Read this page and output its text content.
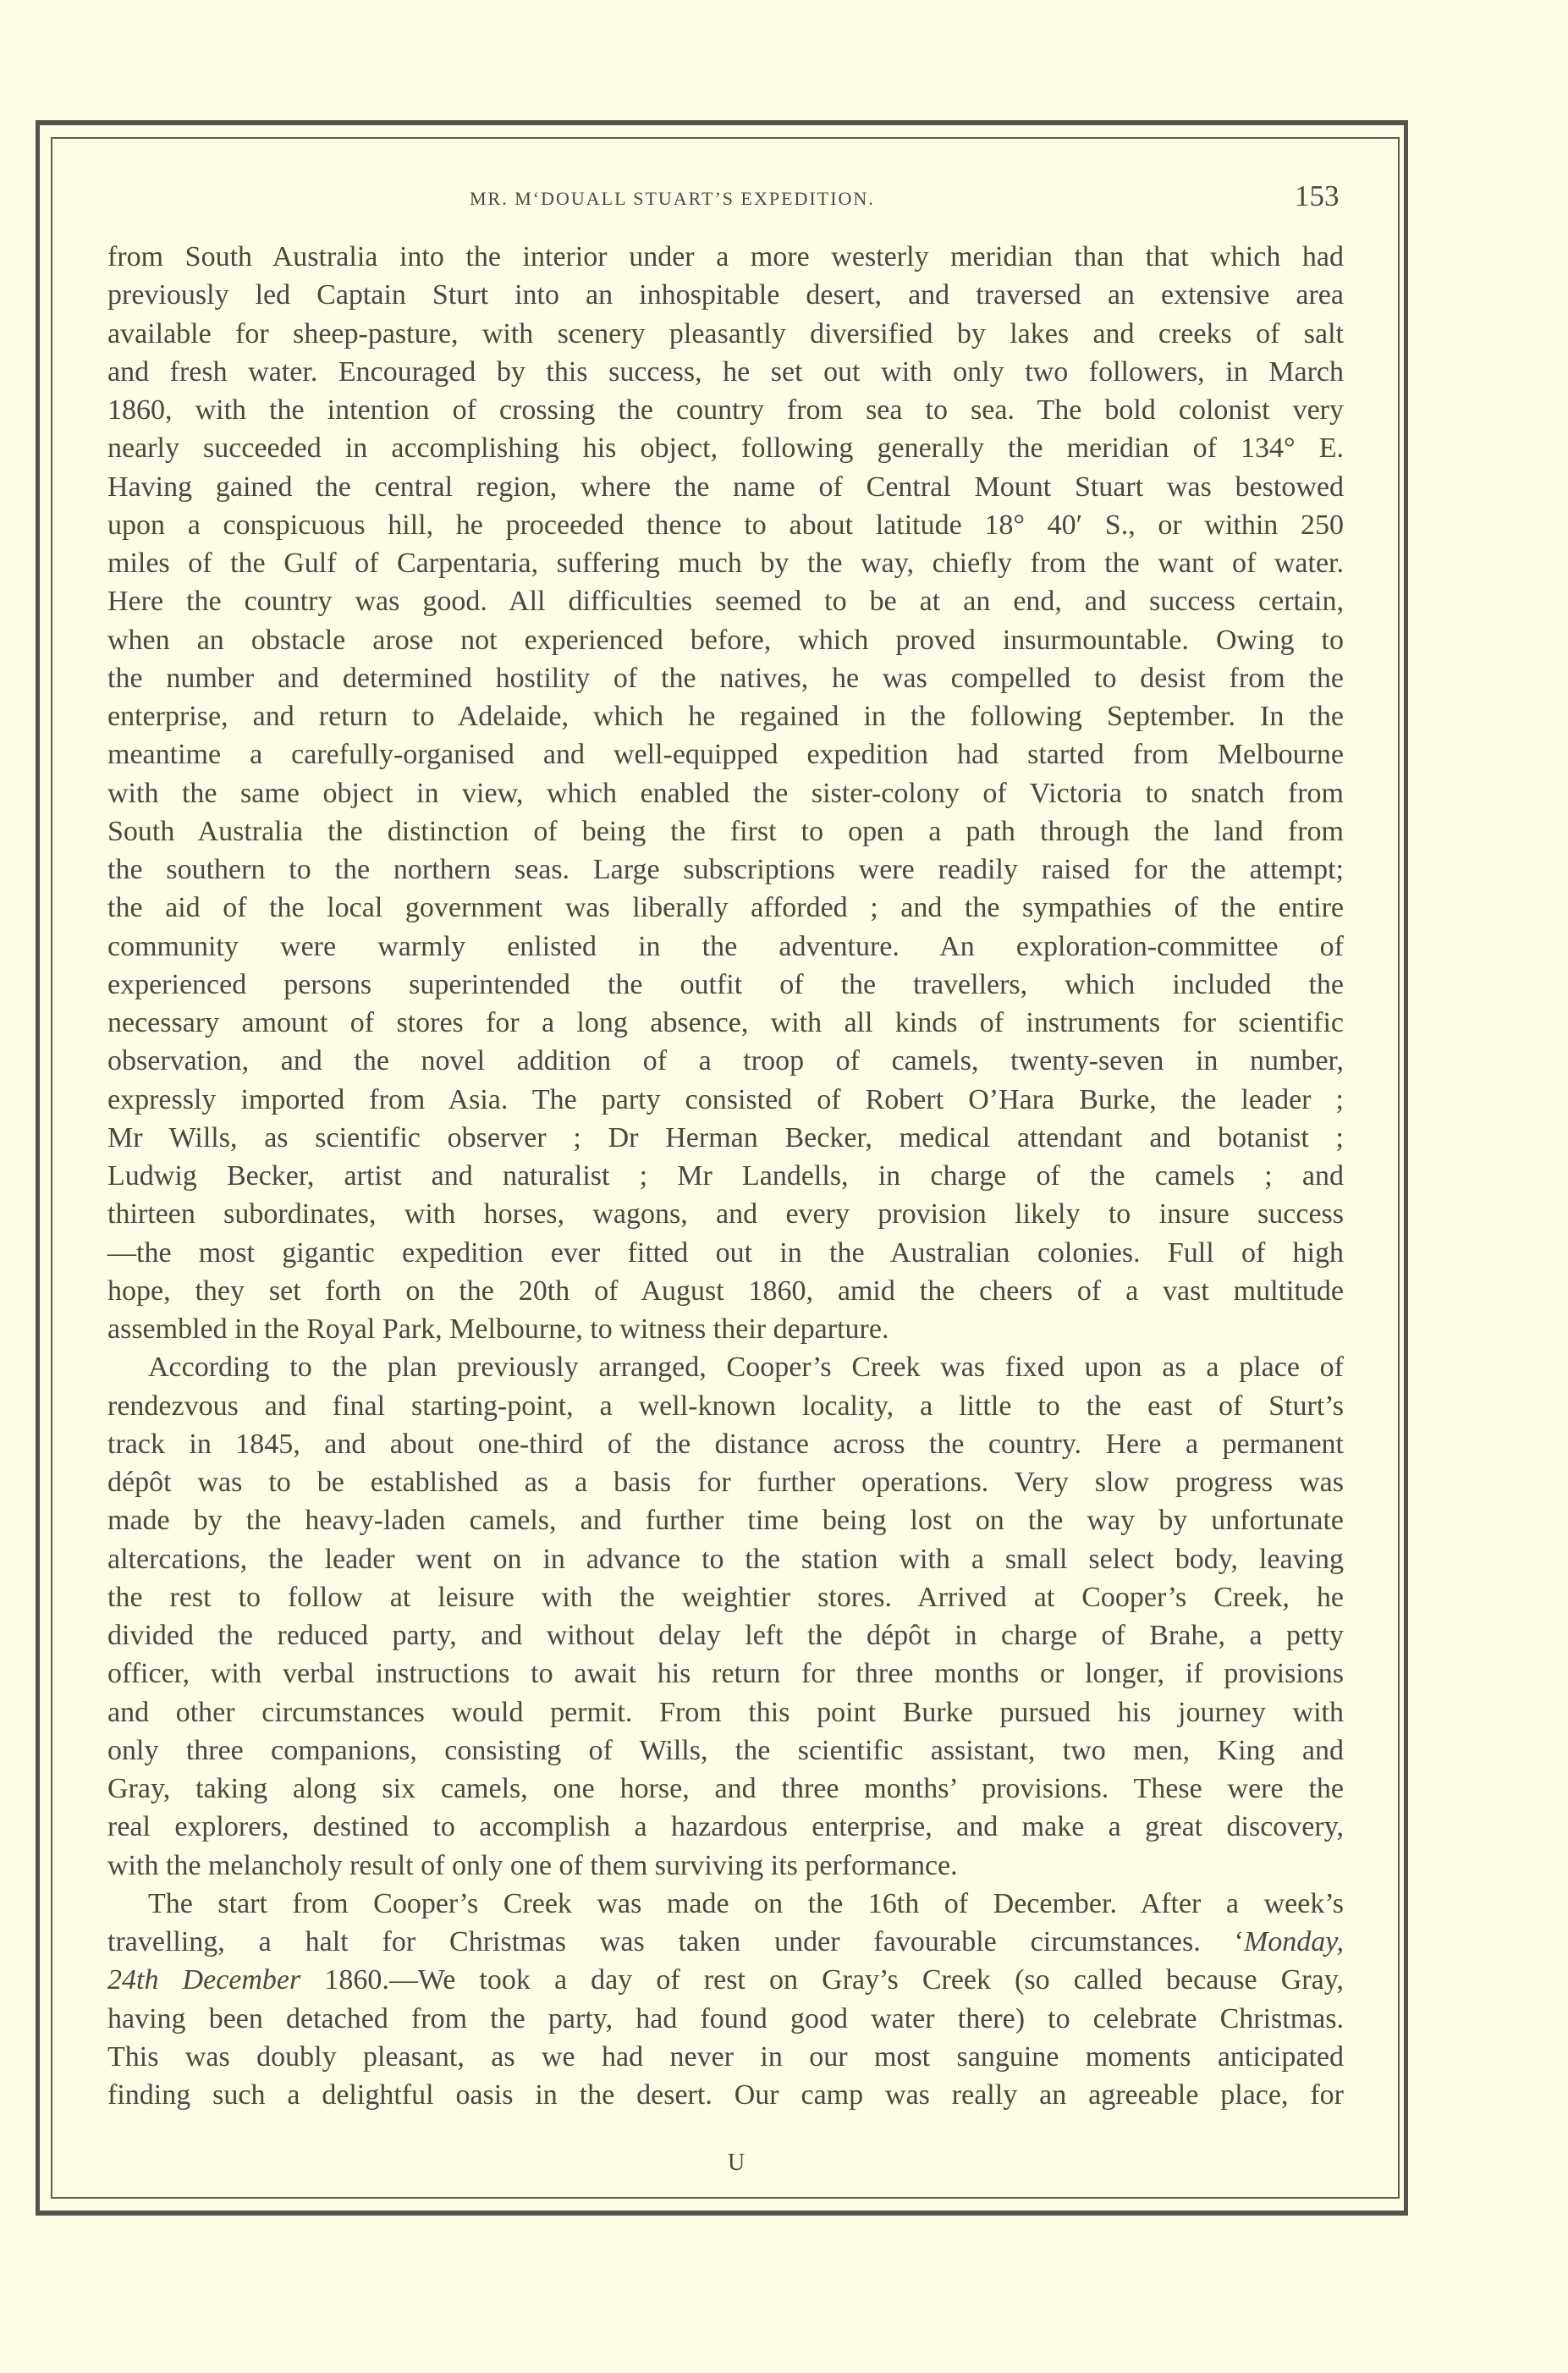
MR. M‘DOUALL STUART’S EXPEDITION.	153
from South Australia into the interior under a more westerly meridian than that which had
previously led Captain Sturt into an inhospitable desert, and traversed an extensive area
available for sheep-pasture, with scenery pleasantly diversified by lakes and creeks of salt
and fresh water. Encouraged by this success, he set out with only two followers, in March
1860, with the intention of crossing the country from sea to sea. The bold colonist very
nearly succeeded in accomplishing his object, following generally the meridian of 134° E.
Having gained the central region, where the name of Central Mount Stuart was bestowed
upon a conspicuous hill, he proceeded thence to about latitude 18° 40′ S., or within 250
miles of the Gulf of Carpentaria, suffering much by the way, chiefly from the want of water.
Here the country was good. All difficulties seemed to be at an end, and success certain,
when an obstacle arose not experienced before, which proved insurmountable. Owing to
the number and determined hostility of the natives, he was compelled to desist from the
enterprise, and return to Adelaide, which he regained in the following September. In the
meantime a carefully-organised and well-equipped expedition had started from Melbourne
with the same object in view, which enabled the sister-colony of Victoria to snatch from
South Australia the distinction of being the first to open a path through the land from
the southern to the northern seas. Large subscriptions were readily raised for the attempt;
the aid of the local government was liberally afforded ; and the sympathies of the entire
community were warmly enlisted in the adventure. An exploration-committee of
experienced persons superintended the outfit of the travellers, which included the
necessary amount of stores for a long absence, with all kinds of instruments for scientific
observation, and the novel addition of a troop of camels, twenty-seven in number,
expressly imported from Asia. The party consisted of Robert O’Hara Burke, the leader ;
Mr Wills, as scientific observer ; Dr Herman Becker, medical attendant and botanist ;
Ludwig Becker, artist and naturalist ; Mr Landells, in charge of the camels ; and
thirteen subordinates, with horses, wagons, and every provision likely to insure success
—the most gigantic expedition ever fitted out in the Australian colonies. Full of high
hope, they set forth on the 20th of August 1860, amid the cheers of a vast multitude
assembled in the Royal Park, Melbourne, to witness their departure.
According to the plan previously arranged, Cooper’s Creek was fixed upon as a place of
rendezvous and final starting-point, a well-known locality, a little to the east of Sturt’s
track in 1845, and about one-third of the distance across the country. Here a permanent
dépôt was to be established as a basis for further operations. Very slow progress was
made by the heavy-laden camels, and further time being lost on the way by unfortunate
altercations, the leader went on in advance to the station with a small select body, leaving
the rest to follow at leisure with the weightier stores. Arrived at Cooper’s Creek, he
divided the reduced party, and without delay left the dépôt in charge of Brahe, a petty
officer, with verbal instructions to await his return for three months or longer, if provisions
and other circumstances would permit. From this point Burke pursued his journey with
only three companions, consisting of Wills, the scientific assistant, two men, King and
Gray, taking along six camels, one horse, and three months’ provisions. These were the
real explorers, destined to accomplish a hazardous enterprise, and make a great discovery,
with the melancholy result of only one of them surviving its performance.
The start from Cooper’s Creek was made on the 16th of December. After a week’s
travelling, a halt for Christmas was taken under favourable circumstances. ‘Monday,
24th December 1860.—We took a day of rest on Gray’s Creek (so called because Gray,
having been detached from the party, had found good water there) to celebrate Christmas.
This was doubly pleasant, as we had never in our most sanguine moments anticipated
finding such a delightful oasis in the desert. Our camp was really an agreeable place, for
U
